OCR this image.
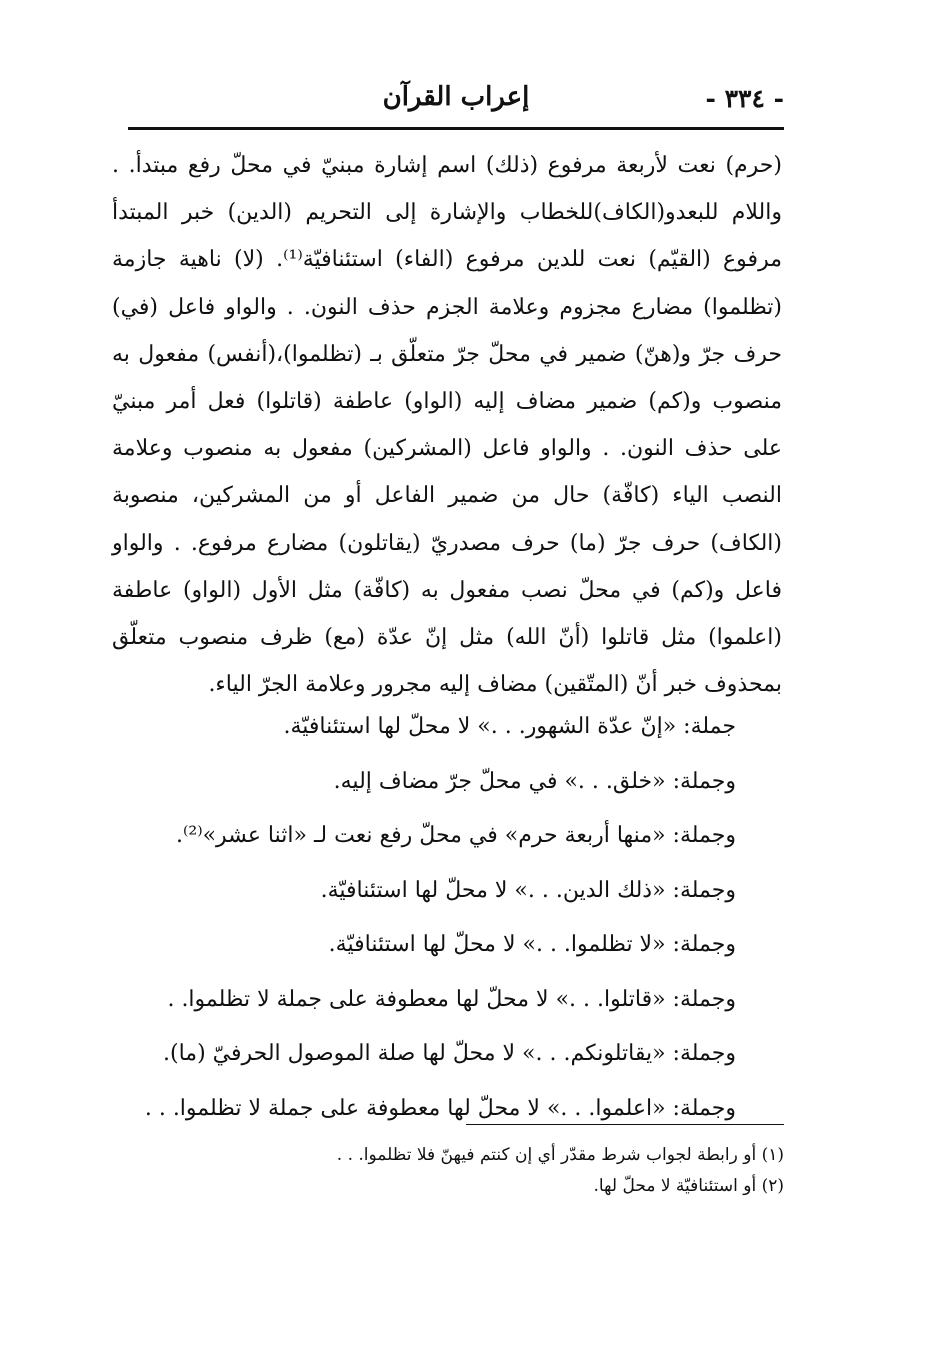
إعراب القرآن	- ٣٣٤ -

(حرم) نعت لأربعة مرفوع (ذلك) اسم إشارة مبنيّ في محلّ رفع مبتدأ. . واللام للبعدو(الكاف)للخطاب والإشارة إلى التحريم (الدين) خبر المبتدأ مرفوع (القيّم) نعت للدين مرفوع (الفاء) استئنافيّة⁽¹⁾. (لا) ناهية جازمة (تظلموا) مضارع مجزوم وعلامة الجزم حذف النون. . والواو فاعل (في) حرف جرّ و(هنّ) ضمير في محلّ جرّ متعلّق بـ (تظلموا)،(أنفس) مفعول به منصوب و(كم) ضمير مضاف إليه (الواو) عاطفة (قاتلوا) فعل أمر مبنيّ على حذف النون. . والواو فاعل (المشركين) مفعول به منصوب وعلامة النصب الياء (كافّة) حال من ضمير الفاعل أو من المشركين، منصوبة (الكاف) حرف جرّ (ما) حرف مصدريّ (يقاتلون) مضارع مرفوع. . والواو فاعل و(كم) في محلّ نصب مفعول به (كافّة) مثل الأول (الواو) عاطفة (اعلموا) مثل قاتلوا (أنّ الله) مثل إنّ عدّة (مع) ظرف منصوب متعلّق بمحذوف خبر أنّ (المتّقين) مضاف إليه مجرور وعلامة الجرّ الياء.

جملة: «إنّ عدّة الشهور. . .» لا محلّ لها استئنافيّة.
وجملة: «خلق. . .» في محلّ جرّ مضاف إليه.
وجملة: «منها أربعة حرم» في محلّ رفع نعت لـ «اثنا عشر»⁽²⁾.
وجملة: «ذلك الدين. . .» لا محلّ لها استئنافيّة.
وجملة: «لا تظلموا. . .» لا محلّ لها استئنافيّة.
وجملة: «قاتلوا. . .» لا محلّ لها معطوفة على جملة لا تظلموا. .
وجملة: «يقاتلونكم. . .» لا محلّ لها صلة الموصول الحرفيّ (ما).
وجملة: «اعلموا. . .» لا محلّ لها معطوفة على جملة لا تظلموا. . .
(١) أو رابطة لجواب شرط مقدّر أي إن كنتم فيهنّ فلا تظلموا. . .
(٢) أو استئنافيّة لا محلّ لها.
